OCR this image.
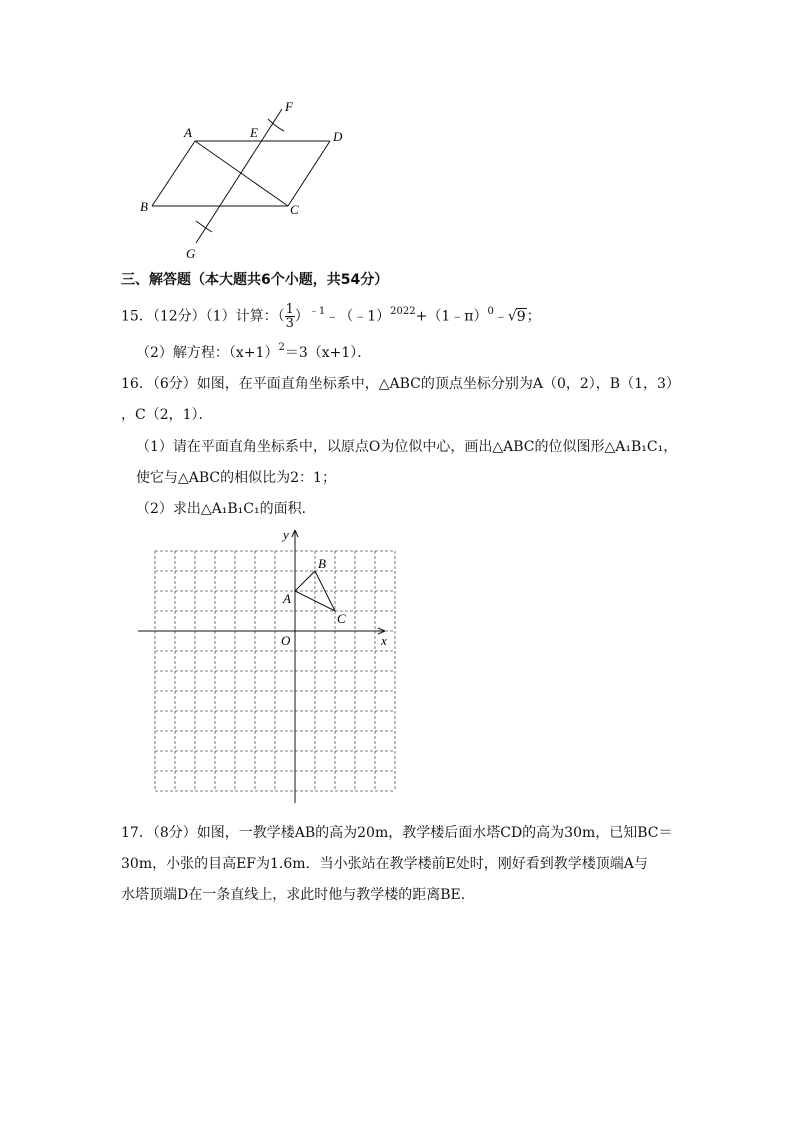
A	E
F
D
B	C
G
三、解答题（本大题共6个小题，共54分）
15．（12分）（1）计算：（ $\frac{1}{3}$ ）$^{﹣1}$﹣（﹣1）$^{2022}$+（1﹣π）$^0$﹣√9；
（2）解方程：$(x+1)^2=3(x+1)$．
16．（6分）如图，在平面直角坐标系中，△ABC的顶点坐标分别为A（0，2），B（1，3）
，C（2，1）．
（1）请在平面直角坐标系中，以原点O为位似中心，画出△ABC的位似图形△A₁B₁C₁，
使它与△ABC的相似比为2：1；
（2）求出△A₁B₁C₁的面积．
y
x
O
A
B
C
17．（8分）如图，一教学楼AB的高为20m，教学楼后面水塔CD的高为30m，已知BC＝
30m，小张的目高EF为1.6m．当小张站在教学楼前E处时，刚好看到教学楼顶端A与
水塔顶端D在一条直线上，求此时他与教学楼的距离BE．
